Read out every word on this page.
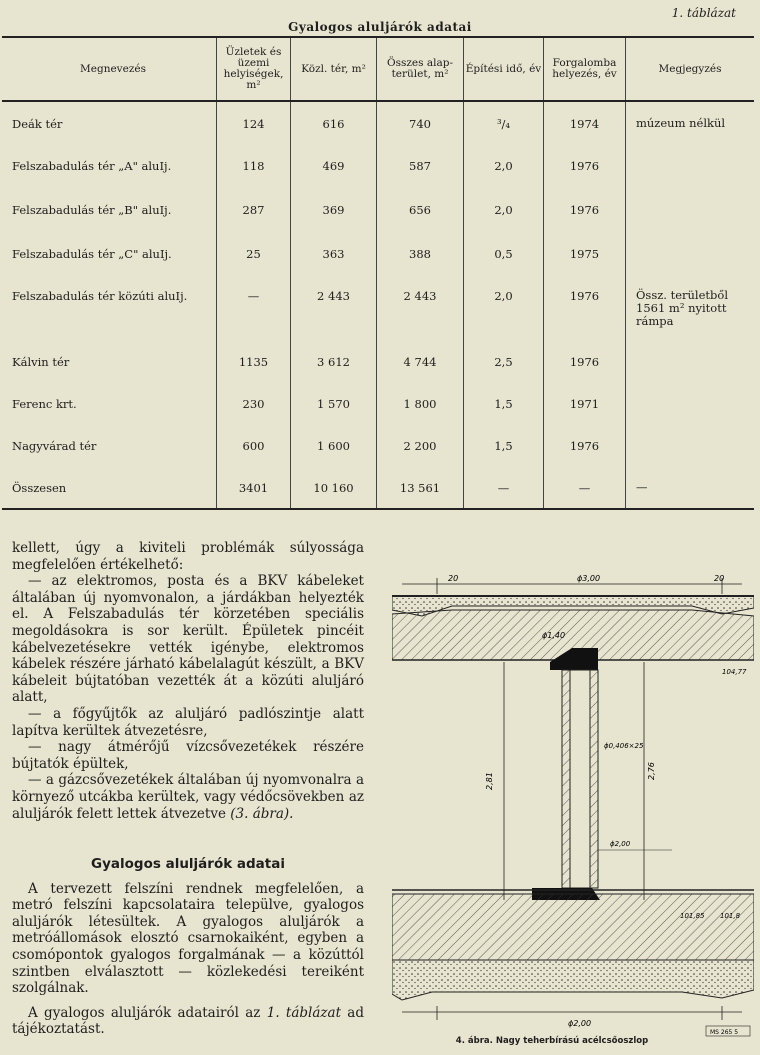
1. táblázat
Gyalogos aluljárók adatai
Megnevezés	Üzletek és üzemi helyiségek, m²	Közl. tér, m²	Összes alap-terület, m²	Építési idő, év	Forgalomba helyezés, év	Megjegyzés
Deák tér	124	616	740	³/₄	1974	múzeum nélkül
Felszabadulás tér „A" aluIj.	118	469	587	2,0	1976	
Felszabadulás tér „B" aluIj.	287	369	656	2,0	1976	
Felszabadulás tér „C" aluIj.	25	363	388	0,5	1975	
Felszabadulás tér közúti aluIj.	—	2 443	2 443	2,0	1976	Össz. területből 1561 m² nyitott rámpa
Kálvin tér	1135	3 612	4 744	2,5	1976	
Ferenc krt.	230	1 570	1 800	1,5	1971	
Nagyvárad tér	600	1 600	2 200	1,5	1976	
Összesen	3401	10 160	13 561	—	—	—

kellett, úgy a kiviteli problémák súlyossága megfelelően értékelhető:

— az elektromos, posta és a BKV kábeleket általában új nyomvonalon, a járdákban helyezték el. A Felszabadulás tér körzetében speciális megoldásokra is sor került. Épületek pincéit kábelvezetésekre vették igénybe, elektromos kábelek részére járható kábelalagút készült, a BKV kábeleit bújtatóban vezették át a közúti aluljáró alatt,

— a főgyűjtők az aluljáró padlószintje alatt lapítva kerültek átvezetésre,

— nagy átmérőjű vízcsővezetékek részére bújtatók épültek,

— a gázcsővezetékek általában új nyomvonalra a környező utcákba kerültek, vagy védőcsövekben az aluljárók felett lettek átvezetve (3. ábra).

Gyalogos aluljárók adatai

A tervezett felszíni rendnek megfelelően, a metró felszíni kapcsolataira települve, gyalogos aluljárók létesültek. A gyalogos aluljárók a metróállomások elosztó csarnokaiként, egyben a csomópontok gyalogos forgalmának — a közúttól szintben elválasztott — közlekedési tereiként szolgálnak.

A gyalogos aluljárók adatairól az 1. táblázat ad tájékoztatást.

20	ϕ3,00	20
ϕ1,40
104,77
2,81
2,76
ϕ0,406×25
ϕ2,00
101,85 101,8
ϕ2,00
MS 265 5
4. ábra. Nagy teherbírású acélcsőoszlop
